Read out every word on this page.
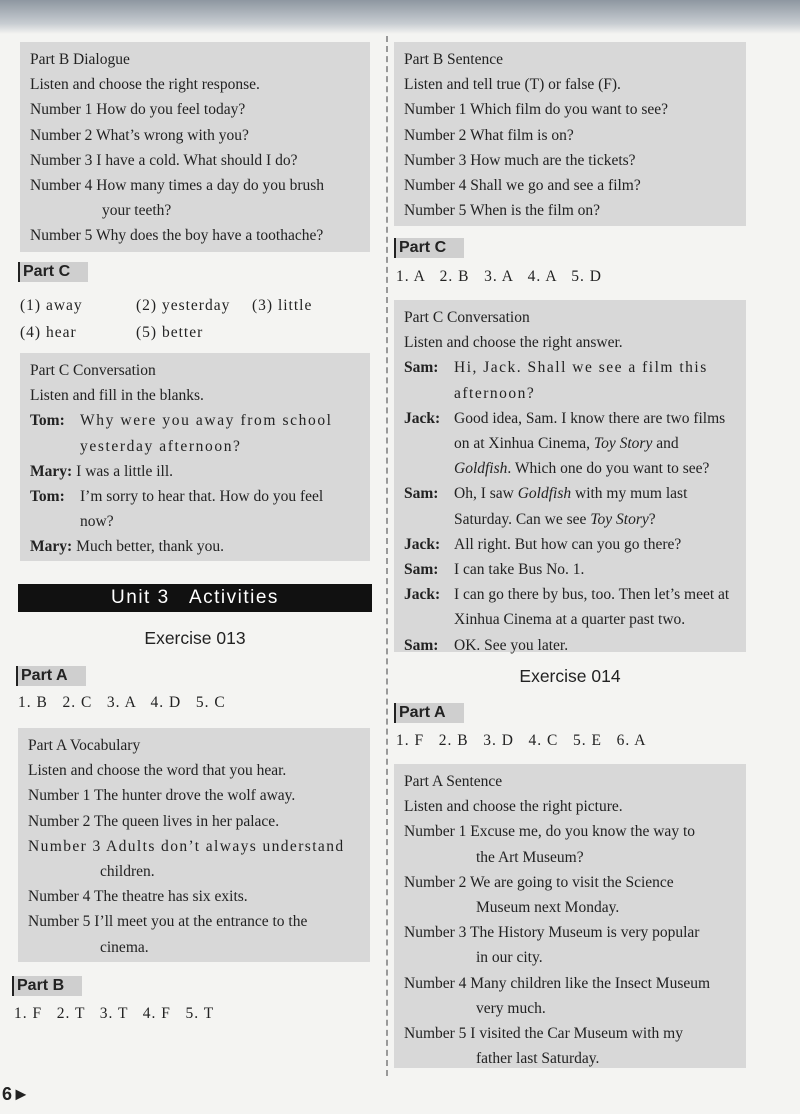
Part B Dialogue
Listen and choose the right response.
Number 1 How do you feel today?
Number 2 What’s wrong with you?
Number 3 I have a cold. What should I do?
Number 4 How many times a day do you brush
your teeth?
Number 5 Why does the boy have a toothache?
Part C
(1) away	(2) yesterday (3) little
(4) hear	(5) better
Part C Conversation
Listen and fill in the blanks.
Tom: Why were you away from school yesterday afternoon?
Mary: I was a little ill.
Tom: I’m sorry to hear that. How do you feel now?
Mary: Much better, thank you.
Unit 3   Activities
Exercise 013
Part A
1. B   2. C   3. A   4. D   5. C
Part A Vocabulary
Listen and choose the word that you hear.
Number 1 The hunter drove the wolf away.
Number 2 The queen lives in her palace.
Number 3 Adults don’t always understand
children.
Number 4 The theatre has six exits.
Number 5 I’ll meet you at the entrance to the
cinema.
Part B
1. F   2. T   3. T   4. F   5. T
Part B Sentence
Listen and tell true (T) or false (F).
Number 1 Which film do you want to see?
Number 2 What film is on?
Number 3 How much are the tickets?
Number 4 Shall we go and see a film?
Number 5 When is the film on?
Part C
1. A   2. B   3. A   4. A   5. D
Part C Conversation
Listen and choose the right answer.
Sam:	Hi, Jack. Shall we see a film this afternoon?
Jack: Good idea, Sam. I know there are two films on at Xinhua Cinema, Toy Story and Goldfish. Which one do you want to see?
Sam:	Oh, I saw Goldfish with my mum last Saturday. Can we see Toy Story?
Jack: All right. But how can you go there?
Sam:	I can take Bus No. 1.
Jack: I can go there by bus, too. Then let’s meet at Xinhua Cinema at a quarter past two.
Sam:	OK. See you later.
Exercise 014
Part A
1. F   2. B   3. D   4. C   5. E   6. A
Part A Sentence
Listen and choose the right picture.
Number 1 Excuse me, do you know the way to
the Art Museum?
Number 2 We are going to visit the Science
Museum next Monday.
Number 3 The History Museum is very popular
in our city.
Number 4 Many children like the Insect Museum
very much.
Number 5 I visited the Car Museum with my
father last Saturday.
6►
